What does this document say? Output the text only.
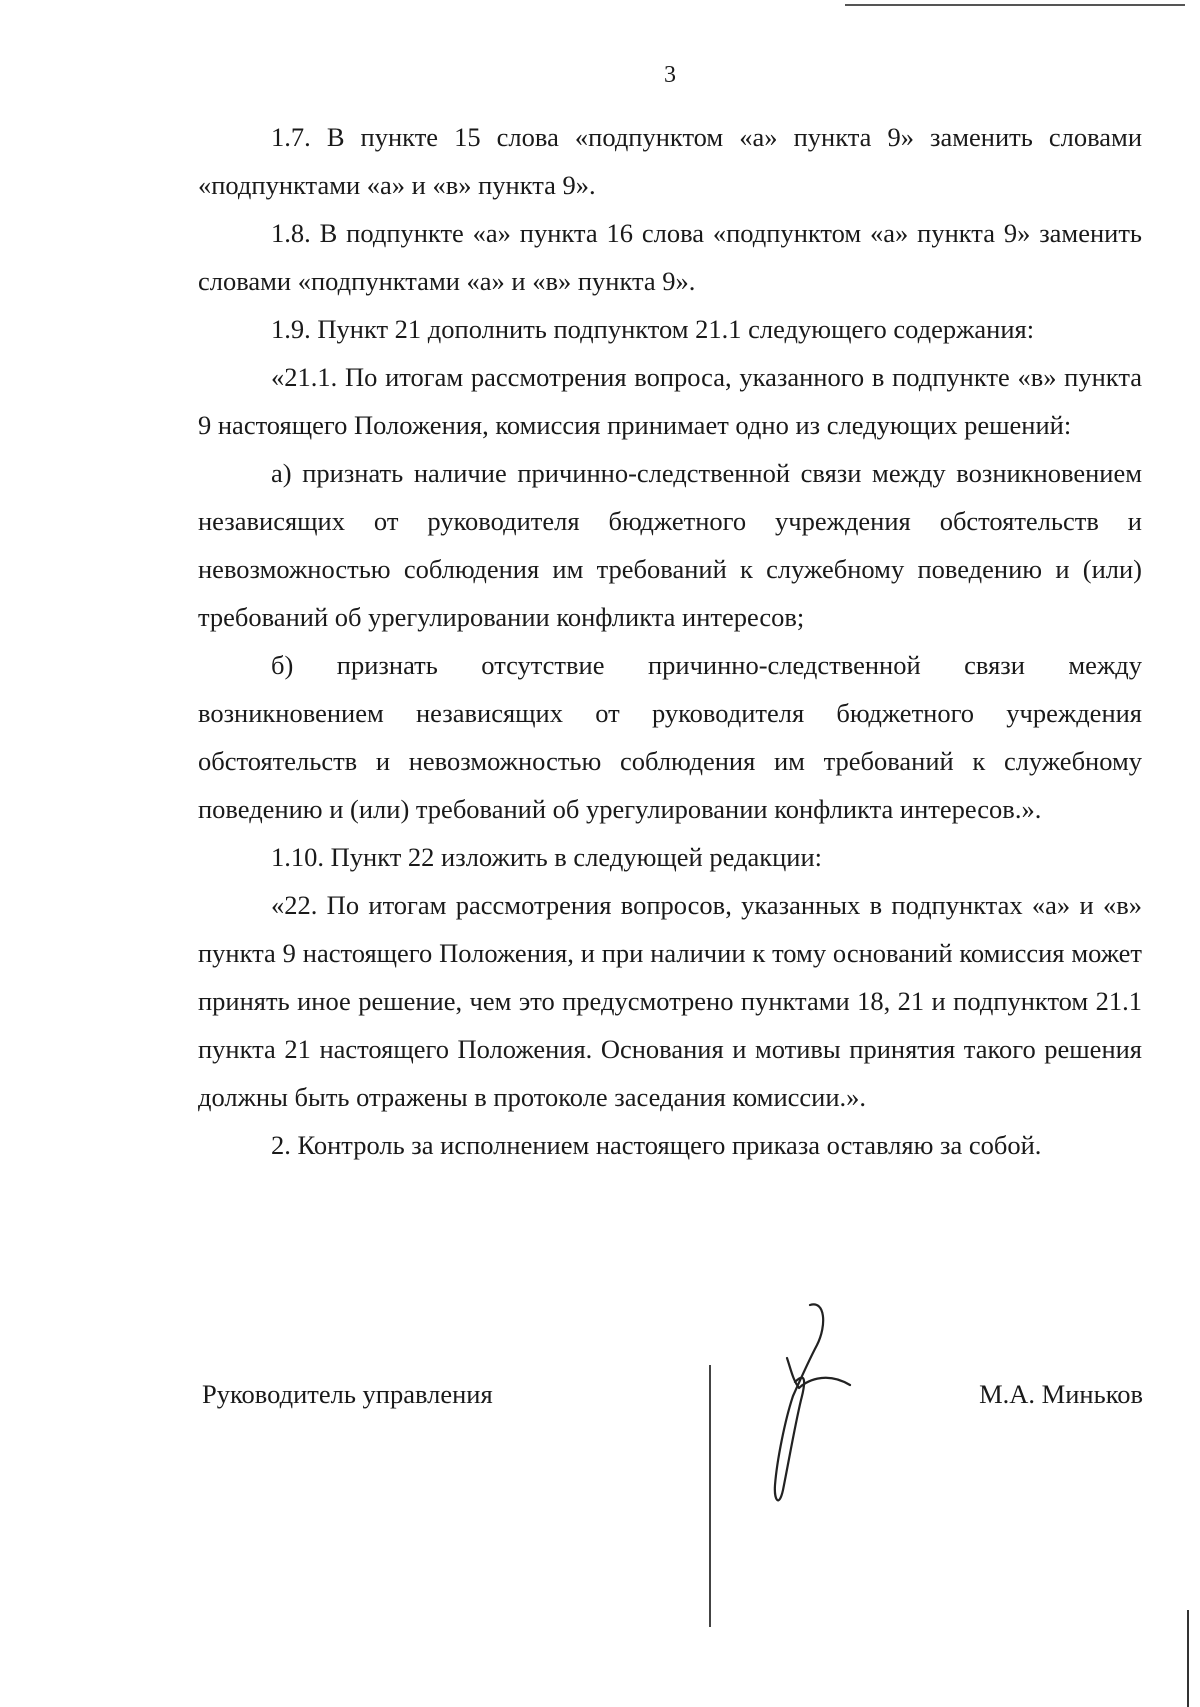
3

1.7. В пункте 15 слова «подпунктом «а» пункта 9» заменить словами «подпунктами «а» и «в» пункта 9».

1.8. В подпункте «а» пункта 16 слова «подпунктом «а» пункта 9» заменить словами «подпунктами «а» и «в» пункта 9».

1.9. Пункт 21 дополнить подпунктом 21.1 следующего содержания:

«21.1. По итогам рассмотрения вопроса, указанного в подпункте «в» пункта 9 настоящего Положения, комиссия принимает одно из следующих решений:

а) признать наличие причинно-следственной связи между возникновением независящих от руководителя бюджетного учреждения обстоятельств и невозможностью соблюдения им требований к служебному поведению и (или) требований об урегулировании конфликта интересов;

б) признать отсутствие причинно-следственной связи между возникновением независящих от руководителя бюджетного учреждения обстоятельств и невозможностью соблюдения им требований к служебному поведению и (или) требований об урегулировании конфликта интересов.».

1.10. Пункт 22 изложить в следующей редакции:

«22. По итогам рассмотрения вопросов, указанных в подпунктах «а» и «в» пункта 9 настоящего Положения, и при наличии к тому оснований комиссия может принять иное решение, чем это предусмотрено пунктами 18, 21 и подпунктом 21.1 пункта 21 настоящего Положения. Основания и мотивы принятия такого решения должны быть отражены в протоколе заседания комиссии.».

2. Контроль за исполнением настоящего приказа оставляю за собой.

Руководитель управления	М.А. Миньков
